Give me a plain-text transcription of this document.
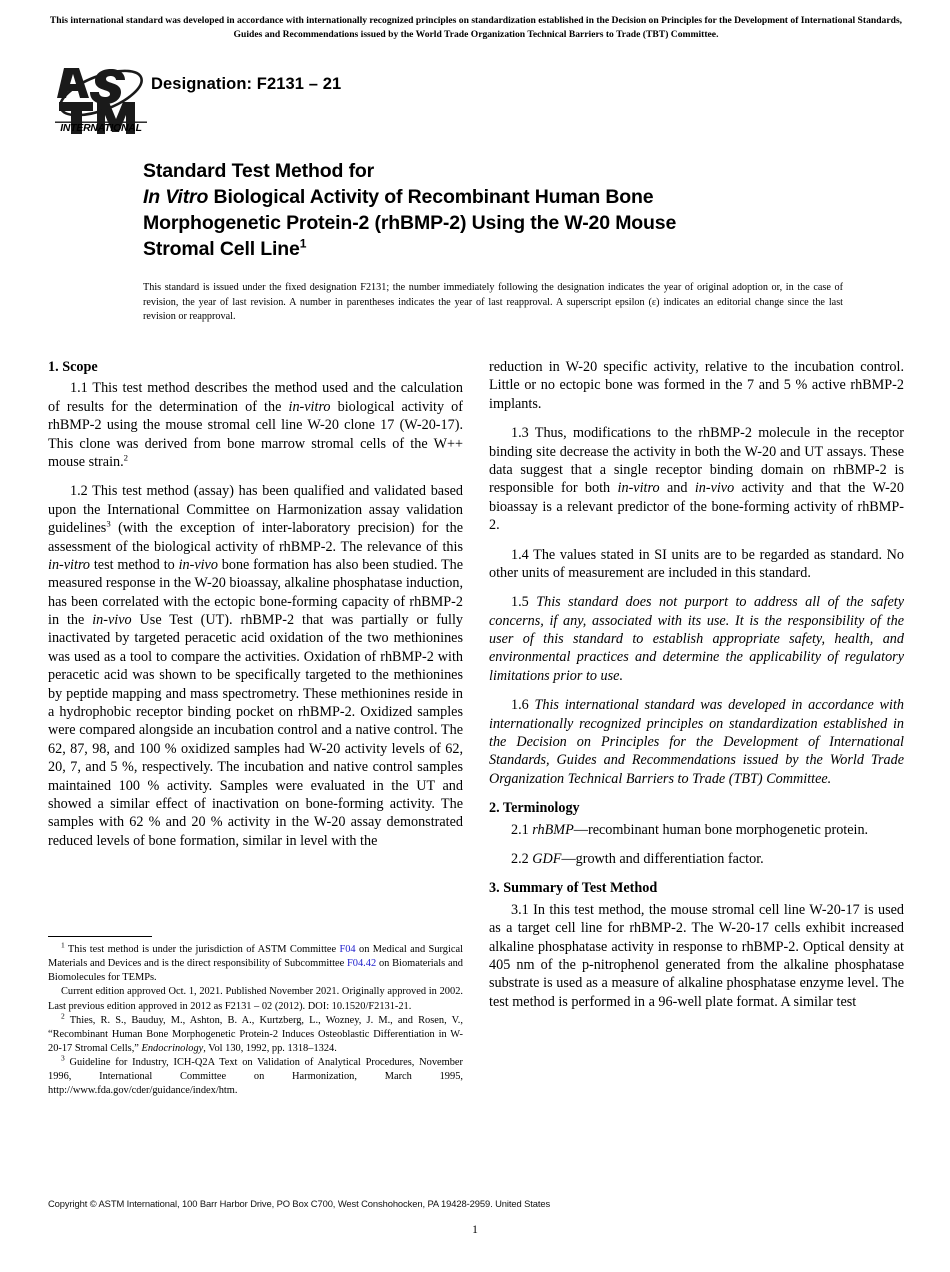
This international standard was developed in accordance with internationally recognized principles on standardization established in the Decision on Principles for the Development of International Standards, Guides and Recommendations issued by the World Trade Organization Technical Barriers to Trade (TBT) Committee.
INTERNATIONAL
Designation: F2131 – 21
Standard Test Method for
In Vitro Biological Activity of Recombinant Human Bone
Morphogenetic Protein-2 (rhBMP-2) Using the W-20 Mouse
Stromal Cell Line$^1$
This standard is issued under the fixed designation F2131; the number immediately following the designation indicates the year of original adoption or, in the case of revision, the year of last revision. A number in parentheses indicates the year of last reapproval. A superscript epsilon (ε) indicates an editorial change since the last revision or reapproval.
1. Scope

1.1 This test method describes the method used and the calculation of results for the determination of the in-vitro biological activity of rhBMP-2 using the mouse stromal cell line W-20 clone 17 (W-20-17). This clone was derived from bone marrow stromal cells of the W++ mouse strain.$^2$

1.2 This test method (assay) has been qualified and validated based upon the International Committee on Harmonization assay validation guidelines$^3$ (with the exception of inter-laboratory precision) for the assessment of the biological activity of rhBMP-2. The relevance of this in-vitro test method to in-vivo bone formation has also been studied. The measured response in the W-20 bioassay, alkaline phosphatase induction, has been correlated with the ectopic bone-forming capacity of rhBMP-2 in the in-vivo Use Test (UT). rhBMP-2 that was partially or fully inactivated by targeted peracetic acid oxidation of the two methionines was used as a tool to compare the activities. Oxidation of rhBMP-2 with peracetic acid was shown to be specifically targeted to the methionines by peptide mapping and mass spectrometry. These methionines reside in a hydrophobic receptor binding pocket on rhBMP-2. Oxidized samples were compared alongside an incubation control and a native control. The 62, 87, 98, and 100 % oxidized samples had W-20 activity levels of 62, 20, 7, and 5 %, respectively. The incubation and native control samples maintained 100 % activity. Samples were evaluated in the UT and showed a similar effect of inactivation on bone-forming activity. The samples with 62 % and 20 % activity in the W-20 assay demonstrated reduced levels of bone formation, similar in level with the

reduction in W-20 specific activity, relative to the incubation control. Little or no ectopic bone was formed in the 7 and 5 % active rhBMP-2 implants.

1.3 Thus, modifications to the rhBMP-2 molecule in the receptor binding site decrease the activity in both the W-20 and UT assays. These data suggest that a single receptor binding domain on rhBMP-2 is responsible for both in-vitro and in-vivo activity and that the W-20 bioassay is a relevant predictor of the bone-forming activity of rhBMP-2.

1.4 The values stated in SI units are to be regarded as standard. No other units of measurement are included in this standard.

1.5 This standard does not purport to address all of the safety concerns, if any, associated with its use. It is the responsibility of the user of this standard to establish appropriate safety, health, and environmental practices and determine the applicability of regulatory limitations prior to use.

1.6 This international standard was developed in accordance with internationally recognized principles on standardization established in the Decision on Principles for the Development of International Standards, Guides and Recommendations issued by the World Trade Organization Technical Barriers to Trade (TBT) Committee.

2. Terminology

2.1 rhBMP—recombinant human bone morphogenetic protein.

2.2 GDF—growth and differentiation factor.

3. Summary of Test Method

3.1 In this test method, the mouse stromal cell line W-20-17 is used as a target cell line for rhBMP-2. The W-20-17 cells exhibit increased alkaline phosphatase activity in response to rhBMP-2. Optical density at 405 nm of the p-nitrophenol generated from the alkaline phosphatase substrate is used as a measure of alkaline phosphatase enzyme level. The test method is performed in a 96-well plate format. A similar test

$^1$ This test method is under the jurisdiction of ASTM Committee F04 on Medical and Surgical Materials and Devices and is the direct responsibility of Subcommittee F04.42 on Biomaterials and Biomolecules for TEMPs.

Current edition approved Oct. 1, 2021. Published November 2021. Originally approved in 2002. Last previous edition approved in 2012 as F2131 – 02 (2012). DOI: 10.1520/F2131-21.

$^2$ Thies, R. S., Bauduy, M., Ashton, B. A., Kurtzberg, L., Wozney, J. M., and Rosen, V., “Recombinant Human Bone Morphogenetic Protein-2 Induces Osteoblastic Differentiation in W-20-17 Stromal Cells,” Endocrinology, Vol 130, 1992, pp. 1318–1324.

$^3$ Guideline for Industry, ICH-Q2A Text on Validation of Analytical Procedures, November 1996, International Committee on Harmonization, March 1995, http://www.fda.gov/cder/guidance/index/htm.

Copyright © ASTM International, 100 Barr Harbor Drive, PO Box C700, West Conshohocken, PA 19428-2959. United States
1
